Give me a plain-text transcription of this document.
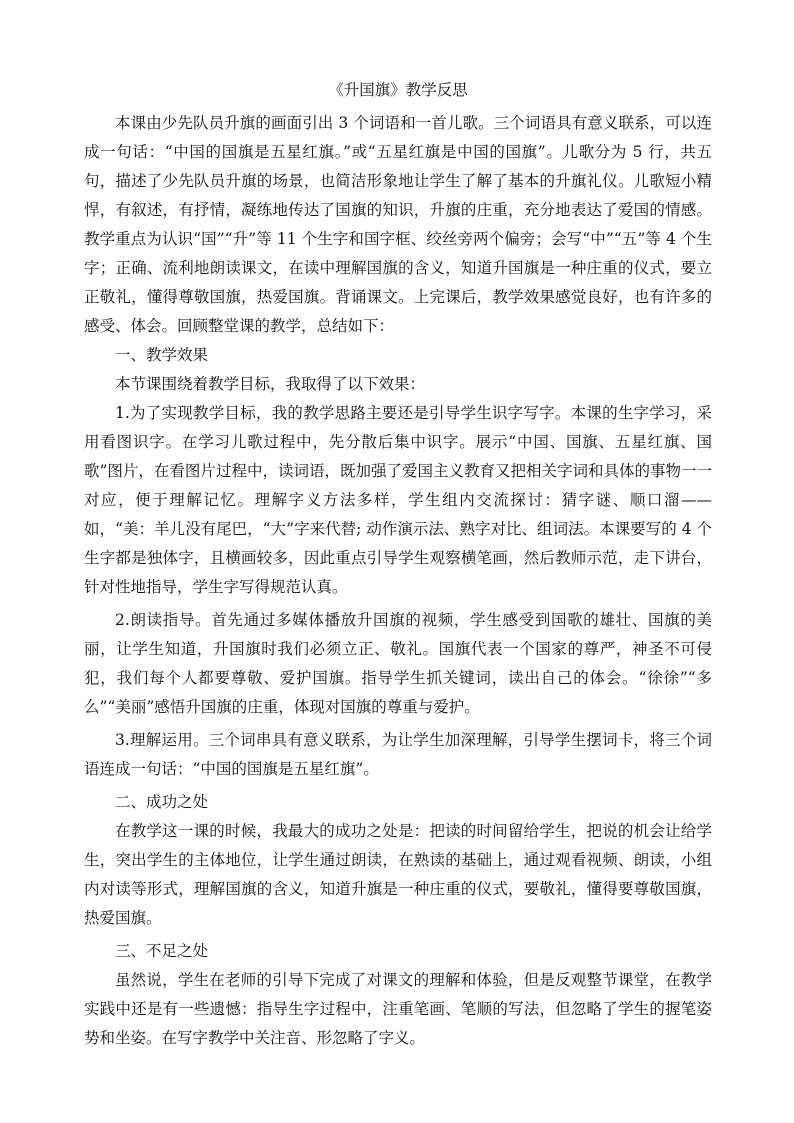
《升国旗》教学反思

本课由少先队员升旗的画面引出 3 个词语和一首儿歌。三个词语具有意义联系，可以连成一句话：“中国的国旗是五星红旗。”或“五星红旗是中国的国旗”。儿歌分为 5 行，共五句，描述了少先队员升旗的场景，也简洁形象地让学生了解了基本的升旗礼仪。儿歌短小精悍，有叙述，有抒情，凝练地传达了国旗的知识，升旗的庄重，充分地表达了爱国的情感。教学重点为认识“国”“升”等 11 个生字和国字框、绞丝旁两个偏旁；会写“中”“五”等 4 个生字；正确、流利地朗读课文，在读中理解国旗的含义，知道升国旗是一种庄重的仪式，要立正敬礼，懂得尊敬国旗，热爱国旗。背诵课文。上完课后，教学效果感觉良好，也有许多的感受、体会。回顾整堂课的教学，总结如下：

一、教学效果

本节课围绕着教学目标，我取得了以下效果：

1.为了实现教学目标，我的教学思路主要还是引导学生识字写字。本课的生字学习，采用看图识字。在学习儿歌过程中，先分散后集中识字。展示“中国、国旗、五星红旗、国歌”图片，在看图片过程中，读词语，既加强了爱国主义教育又把相关字词和具体的事物一一对应，便于理解记忆。理解字义方法多样，学生组内交流探讨：猜字谜、顺口溜——如，“美：羊儿没有尾巴，“大”字来代替; 动作演示法、熟字对比、组词法。本课要写的 4 个生字都是独体字，且横画较多，因此重点引导学生观察横笔画，然后教师示范，走下讲台，针对性地指导，学生字写得规范认真。

2.朗读指导。首先通过多媒体播放升国旗的视频，学生感受到国歌的雄壮、国旗的美丽，让学生知道，升国旗时我们必须立正、敬礼。国旗代表一个国家的尊严，神圣不可侵犯，我们每个人都要尊敬、爱护国旗。指导学生抓关键词，读出自己的体会。“徐徐”“多么”“美丽”感悟升国旗的庄重，体现对国旗的尊重与爱护。

3.理解运用。三个词串具有意义联系，为让学生加深理解，引导学生摆词卡，将三个词语连成一句话：“中国的国旗是五星红旗”。

二、成功之处

在教学这一课的时候，我最大的成功之处是：把读的时间留给学生，把说的机会让给学生，突出学生的主体地位，让学生通过朗读，在熟读的基础上，通过观看视频、朗读，小组内对读等形式，理解国旗的含义，知道升旗是一种庄重的仪式，要敬礼，懂得要尊敬国旗，热爱国旗。

三、不足之处

虽然说，学生在老师的引导下完成了对课文的理解和体验，但是反观整节课堂，在教学实践中还是有一些遗憾：指导生字过程中，注重笔画、笔顺的写法，但忽略了学生的握笔姿势和坐姿。在写字教学中关注音、形忽略了字义。
